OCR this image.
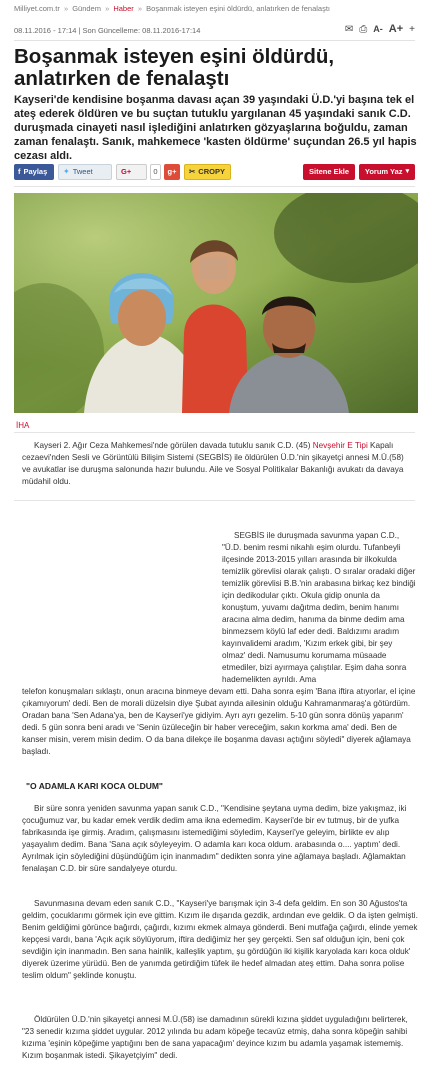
Milliyet.com.tr » Gündem » Haber » Boşanmak isteyen eşini öldürdü, anlatırken de fenalaştı
08.11.2016 - 17:14 | Son Güncelleme: 08.11.2016-17:14	✉ ⎙ A- A+ +
Boşanmak isteyen eşini öldürdü, anlatırken de fenalaştı
Kayseri'de kendisine boşanma davası açan 39 yaşındaki Ü.D.'yi başına tek el ateş ederek öldüren ve bu suçtan tutuklu yargılanan 45 yaşındaki sanık C.D. duruşmada cinayeti nasıl işlediğini anlatırken gözyaşlarına boğuldu, zaman zaman fenalaştı. Sanık, mahkemece 'kasten öldürme' suçundan 26.5 yıl hapis cezası aldı.
f Paylaş ✦ Tweet	G+	0	g+	✂ CROPY	Sitene Ekle	Yorum Yaz ▾
İHA
Kayseri 2. Ağır Ceza Mahkemesi'nde görülen davada tutuklu sanık C.D. (45) Nevşehir E Tipi Kapalı cezaevi'nden Sesli ve Görüntülü Bilişim Sistemi (SEGBİS) ile öldürülen Ü.D.'nin şikayetçi annesi M.Ü.(58) ve avukatlar ise duruşma salonunda hazır bulundu. Aile ve Sosyal Politikalar Bakanlığı avukatı da davaya müdahil oldu.
SEGBİS ile duruşmada savunma yapan C.D., "Ü.D. benim resmi nikahlı eşim olurdu. Tufanbeyli ilçesinde 2013-2015 yılları arasında bir ilkokulda temizlik görevlisi olarak çalıştı. O sıralar oradaki diğer temizlik görevlisi B.B.'nin arabasına birkaç kez bindiği için dedikodular çıktı. Okula gidip onunla da konuştum, yuvamı dağıtma dedim, benim hanımı aracına alma dedim, hanıma da binme dedim ama binmezsem köylü laf eder dedi. Baldızımı aradım kayınvalidemi aradım, 'Kızım erkek gibi, bir şey olmaz' dedi. Namusumu korumama müsaade etmediler, bizi ayırmaya çalıştılar. Eşim daha sonra hademelikten ayrıldı. Ama
telefon konuşmaları sıklaştı, onun aracına binmeye devam etti. Daha sonra eşim 'Bana iftira atıyorlar, el içine çıkamıyorum' dedi. Ben de morali düzelsin diye Şubat ayında ailesinin olduğu Kahramanmaraş'a götürdüm. Oradan bana 'Sen Adana'ya, ben de Kayseri'ye gidiyim. Ayrı ayrı gezelim. 5-10 gün sonra dönüş yaparım' dedi. 5 gün sonra beni aradı ve 'Senin üzüleceğin bir haber vereceğim, sakın korkma ama' dedi. Ben de kanser misin, verem misin dedim. O da bana dilekçe ile boşanma davası açtığını söyledi" diyerek ağlamaya başladı.
"O ADAMLA KARI KOCA OLDUM"
Bir süre sonra yeniden savunma yapan sanık C.D., "Kendisine şeytana uyma dedim, bize yakışmaz, iki çocuğumuz var, bu kadar emek verdik dedim ama ikna edemedim. Kayseri'de bir ev tutmuş, bir de yufka fabrikasında işe girmiş. Aradım, çalışmasını istemediğimi söyledim, Kayseri'ye geleyim, birlikte ev alıp yaşayalım dedim. Bana 'Sana açık söyleyeyim. O adamla karı koca oldum. arabasında o.... yaptım' dedi. Ayrılmak için söylediğini düşündüğüm için inanmadım" dedikten sonra yine ağlamaya başladı. Ağlamaktan fenalaşan C.D. bir süre sandalyeye oturdu.
Savunmasına devam eden sanık C.D., "Kayseri'ye barışmak için 3-4 defa geldim. En son 30 Ağustos'ta geldim, çocuklarımı görmek için eve gittim. Kızım ile dışarıda gezdik, ardından eve geldik. O da işten gelmişti. Benim geldiğimi görünce bağırdı, çağırdı, kızımı ekmek almaya gönderdi. Beni mutfağa çağırdı, elinde yemek kepçesi vardı, bana 'Açık açık söylüyorum, iftira dediğimiz her şey gerçekti. Sen saf olduğun için, beni çok sevdiğin için inanmadın. Ben sana hainlik, kalleşlik yaptım, şu gördüğün iki kişilik karyolada karı koca olduk' diyerek üzerime yürüdü. Ben de yanımda getirdiğim tüfek ile hedef almadan ateş ettim. Daha sonra polise teslim oldum" şeklinde konuştu.
Öldürülen Ü.D.'nin şikayetçi annesi M.Ü.(58) ise damadının sürekli kızına şiddet uyguladığını belirterek, "23 senedir kızıma şiddet uygular. 2012 yılında bu adam köpeğe tecavüz etmiş, daha sonra köpeğin sahibi kızıma 'eşinin köpeğime yaptığını ben de sana yapacağım' deyince kızım bu adamla yaşamak istememiş. Kızım boşanmak istedi. Şikayetçiyim" dedi.
